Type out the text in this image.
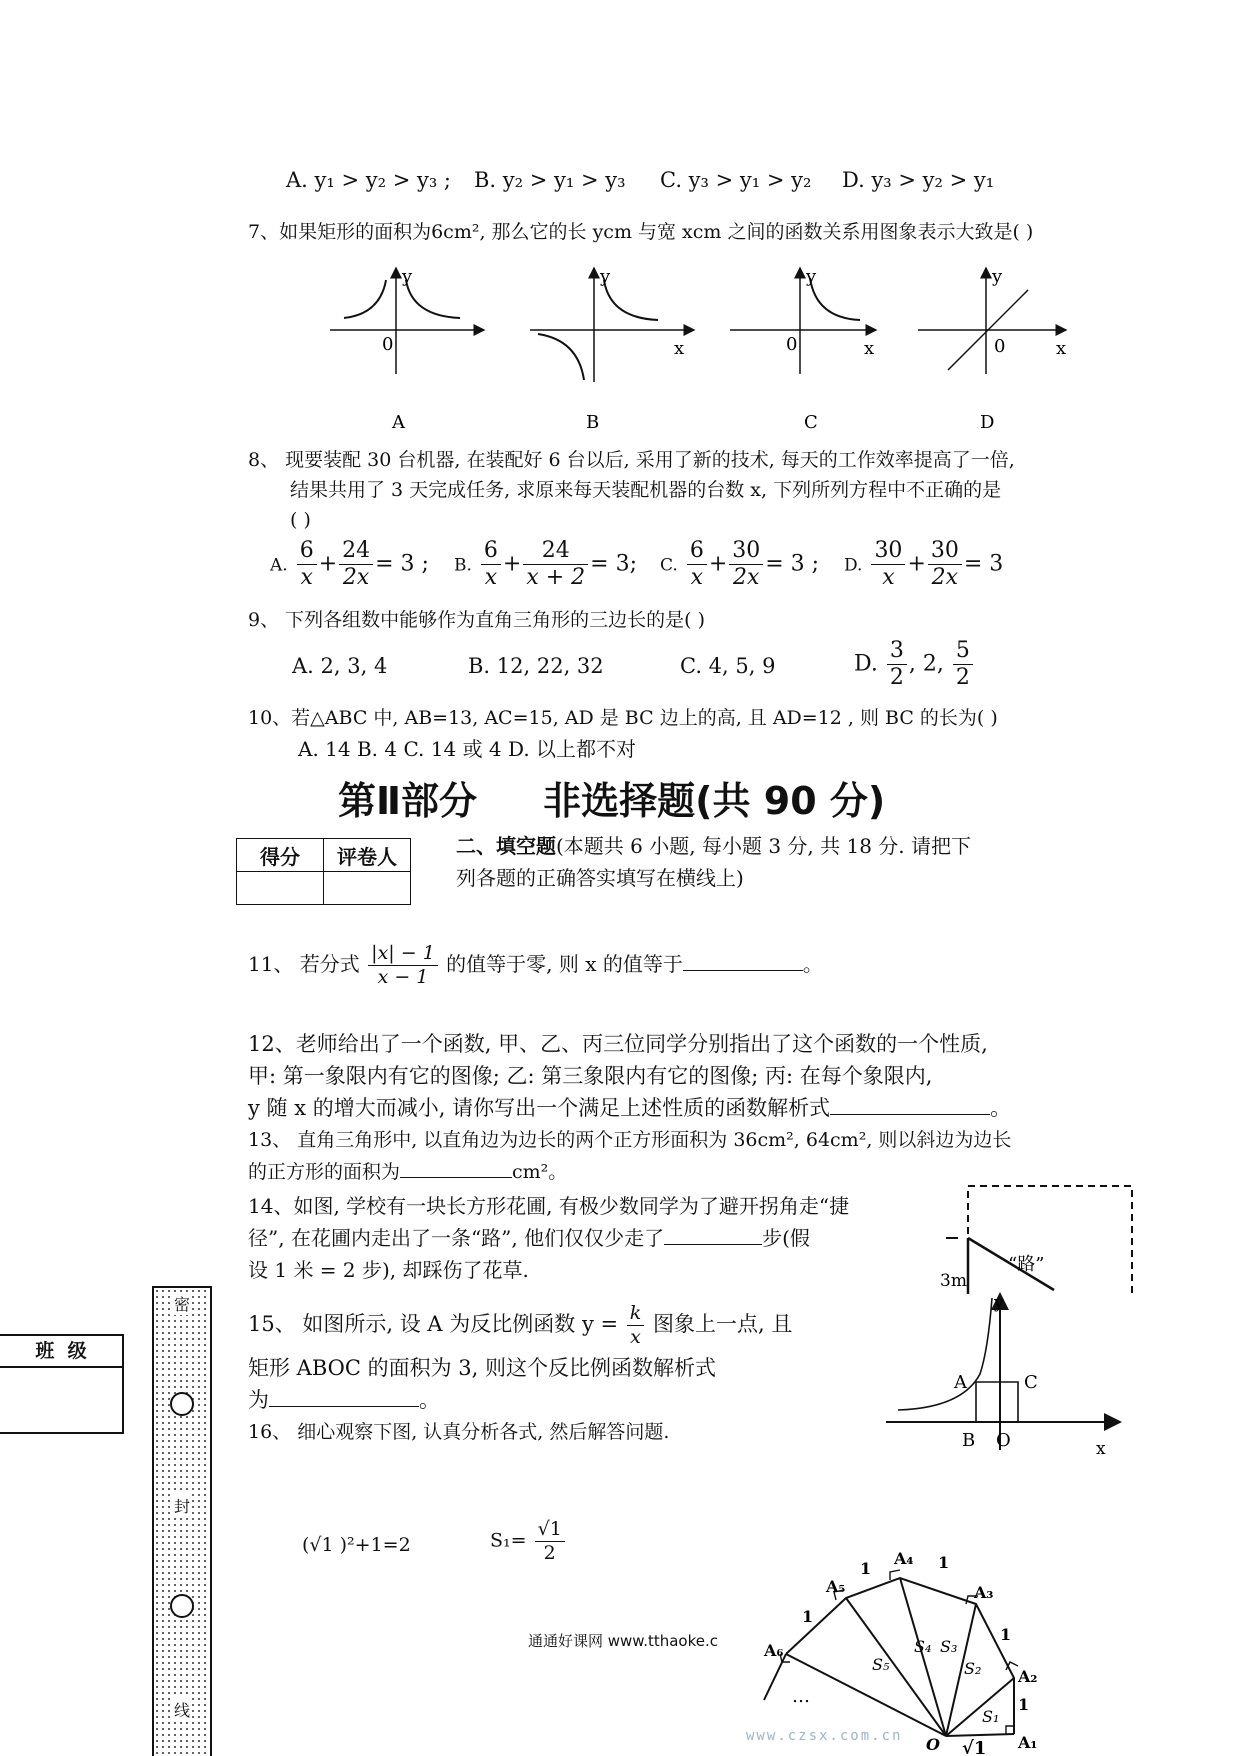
A. y₁ > y₂ > y₃ ; B. y₂ > y₁ > y₃ C. y₃ > y₁ > y₂ D. y₃ > y₂ > y₁
7、如果矩形的面积为6cm², 那么它的长 ycm 与宽 xcm 之间的函数关系用图象表示大致是( )
y
0
A
y
x
B
y
0	x
C
y
0	x
D
8、 现要装配 30 台机器, 在装配好 6 台以后, 采用了新的技术, 每天的工作效率提高了一倍,
结果共用了 3 天完成任务, 求原来每天装配机器的台数 x, 下列所列方程中不正确的是
( )
A. $\frac{6}{x} + \frac{24}{2x} = 3$ ; B. $\frac{6}{x} + \frac{24}{x + 2} = 3$; C. $\frac{6}{x} + \frac{30}{2x} = 3$ ; D. $\frac{30}{x} + \frac{30}{2x} = 3$
9、 下列各组数中能够作为直角三角形的三边长的是( )
A. 2, 3, 4	B. 12, 22, 32	C. 4, 5, 9	D. $\frac{3}{2}$ , 2, $\frac{5}{2}$
10、若△ABC 中, AB=13, AC=15, AD 是 BC 边上的高, 且 AD=12 , 则 BC 的长为( )
A. 14 B. 4 C. 14 或 4 D. 以上都不对
第Ⅱ部分     非选择题(共 90 分)
得分	评卷人
		二、填空题(本题共 6 小题, 每小题 3 分, 共 18 分. 请把下
列各题的正确答实填写在横线上)
11、 若分式 $\frac{|x| - 1}{x - 1}$ 的值等于零, 则 x 的值等于	。
12、老师给出了一个函数, 甲、乙、丙三位同学分别指出了这个函数的一个性质,
甲: 第一象限内有它的图像; 乙: 第三象限内有它的图像; 丙: 在每个象限内,
y 随 x 的增大而减小, 请你写出一个满足上述性质的函数解析式	。
13、 直角三角形中, 以直角边为边长的两个正方形面积为 36cm², 64cm², 则以斜边为边长
的正方形的面积为	cm²。
14、如图, 学校有一块长方形花圃, 有极少数同学为了避开拐角走“捷
径”, 在花圃内走出了一条“路”, 他们仅仅少走了	步(假
设 1 米 = 2 步), 却踩伤了花草.	“路”
3m
15、 如图所示, 设 A 为反比例函数 $y = \frac{k}{x}$ 图象上一点, 且
矩形 ABOC 的面积为 3, 则这个反比例函数解析式
为	。
A	C
B O	x
y
16、 细心观察下图, 认真分析各式, 然后解答问题.
(√1 )²+1=2	$S_1= \frac{√1}{2}$
A₁
A₂
A₃
A₄
A₅
A₆
O
S₁
S₂
S₃
S₄
S₅
1
1
1
1
1
√1
…
通通好课网 www.tthaoke.c
www.czsx.com.cn
班  级
密
封
线
